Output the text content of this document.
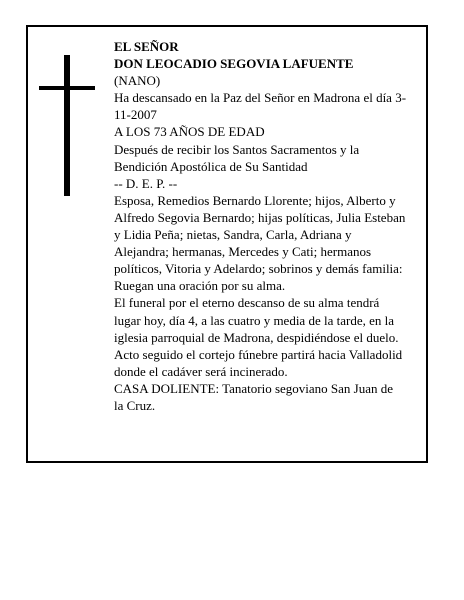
EL SEÑOR
DON LEOCADIO SEGOVIA LAFUENTE
(NANO)
Ha descansado en la Paz del Señor en Madrona el día 3-
11-2007
A LOS 73 AÑOS DE EDAD
Después de recibir los Santos Sacramentos y la
Bendición Apostólica de Su Santidad
-- D. E. P. --
Esposa, Remedios Bernardo Llorente; hijos, Alberto y
Alfredo Segovia Bernardo; hijas políticas, Julia Esteban
y Lidia Peña; nietas, Sandra, Carla, Adriana y
Alejandra; hermanas, Mercedes y Cati; hermanos
políticos, Vitoria y Adelardo; sobrinos y demás familia:
Ruegan una oración por su alma.
El funeral por el eterno descanso de su alma tendrá
lugar hoy, día 4, a las cuatro y media de la tarde, en la
iglesia parroquial de Madrona, despidiéndose el duelo.
Acto seguido el cortejo fúnebre partirá hacia Valladolid
donde el cadáver será incinerado.
CASA DOLIENTE: Tanatorio segoviano San Juan de
la Cruz.
